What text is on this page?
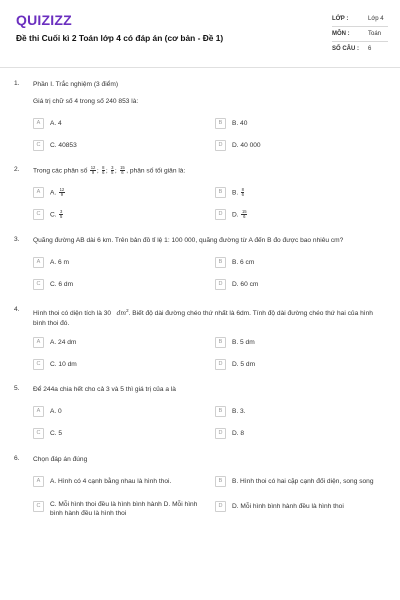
QUIZIZZ
Đề thi Cuối kì 2 Toán lớp 4 có đáp án (cơ bản - Đề 1)
LỚP :	Lớp 4
MÔN :	Toán
SỐ CÂU : 6
1. Phần I. Trắc nghiệm (3 điểm)
Giá trị chữ số 4 trong số 240 853 là:
A	A. 4	B	B. 40
C	C. 40853	D	D. 40 000
2. Trong các phân số $\frac{12}{9}$ ; $\frac{8}{6}$ ; $\frac{3}{5}$ ; $\frac{15}{6}$ , phân số tối giản là:
A	A. $\frac{12}{9}$	B	B. $\frac{8}{6}$
C	C. $\frac{3}{5}$	D	D. $\frac{15}{6}$
3. Quãng đường AB dài 6 km. Trên bản đồ tỉ lệ 1: 100 000, quãng đường từ A đến B đo được bao nhiêu cm?
A	A. 6 m	B	B. 6 cm
C	C. 6 dm	D	D. 60 cm
4.
Hình thoi có diện tích là 30 $dm^2$. Biết độ dài đường chéo thứ nhất là 6dm. Tính độ dài đường chéo thứ hai của hình bình thoi đó.
A	A. 24 dm	B	B. 5 dm
C	C. 10 dm	D	D. 5 dm
5. Để 244a chia hết cho cả 3 và 5 thì giá trị của a là
A	A. 0	B	B. 3.
C	C. 5	D	D. 8
6. Chọn đáp án đúng
A	A. Hình có 4 cạnh bằng nhau là hình thoi.	B	B. Hình thoi có hai cặp cạnh đối diện, song song
C	C. Mỗi hình thoi đều là hình bình hành D. Mỗi hình bình hành đều là hình thoi
D	D. Mỗi hình bình hành đều là hình thoi
